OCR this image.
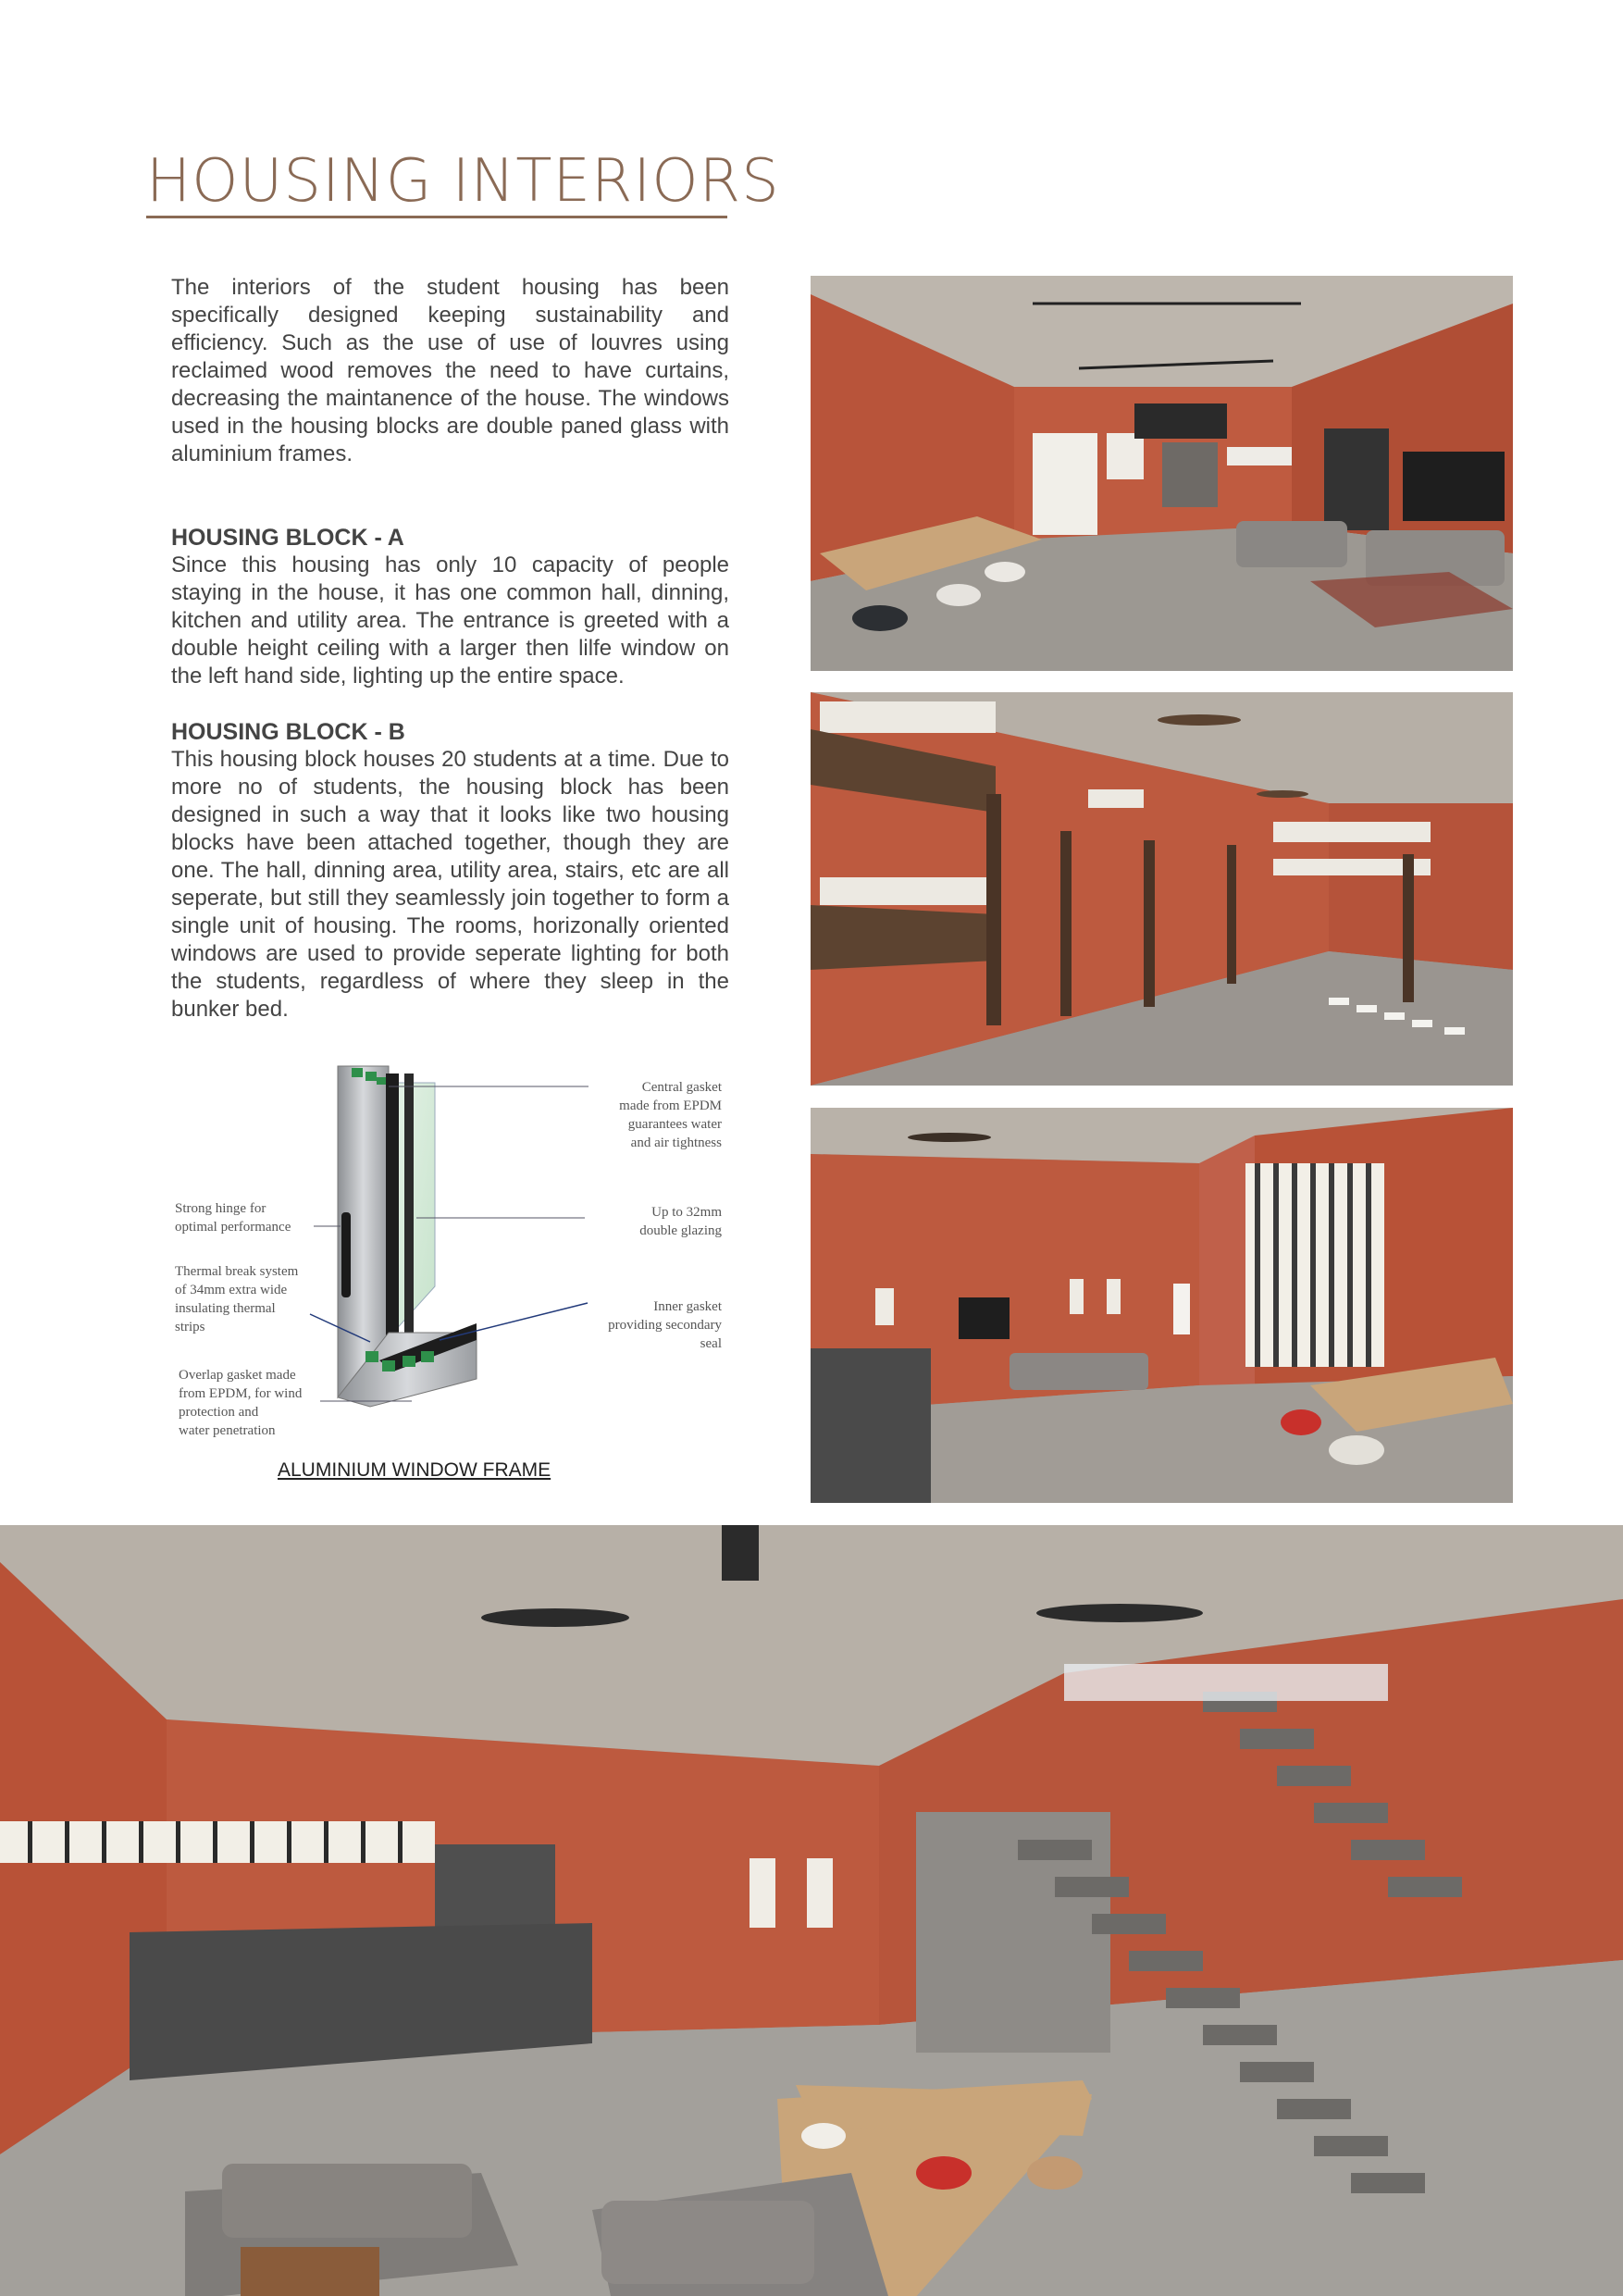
HOUSING INTERIORS

The interiors of the student housing has been specifically designed keeping sustainability and efficiency. Such as the use of use of louvres using reclaimed wood removes the need to have curtains, decreasing the maintanence of the house. The windows used in the housing blocks are double paned glass with aluminium frames.

HOUSING BLOCK - A

Since this housing has only 10 capacity of people staying in the house, it has one common hall, dinning, kitchen and utility area. The entrance is greeted with a double height ceiling with a larger then lilfe window on the left hand side, lighting up the entire space.

HOUSING BLOCK - B

This housing block houses 20 students at a time. Due to more no of students, the housing block has been designed in such a way that it looks like two housing blocks have been attached together, though they are one. The hall, dinning area, utility area, stairs, etc are all seperate, but still they seamlessly join together to form a single unit of housing. The rooms, horizonally oriented windows are used to provide seperate lighting for both the students, regardless of where they sleep in the bunker bed.

Central gasket
made from EPDM
guarantees water
and air tightness

Up to 32mm
double glazing

Inner gasket
providing secondary
seal

Strong hinge for
optimal performance

Thermal break system
of 34mm extra wide
insulating thermal
strips

Overlap gasket made
from EPDM, for wind
protection and
water penetration

ALUMINIUM WINDOW FRAME
